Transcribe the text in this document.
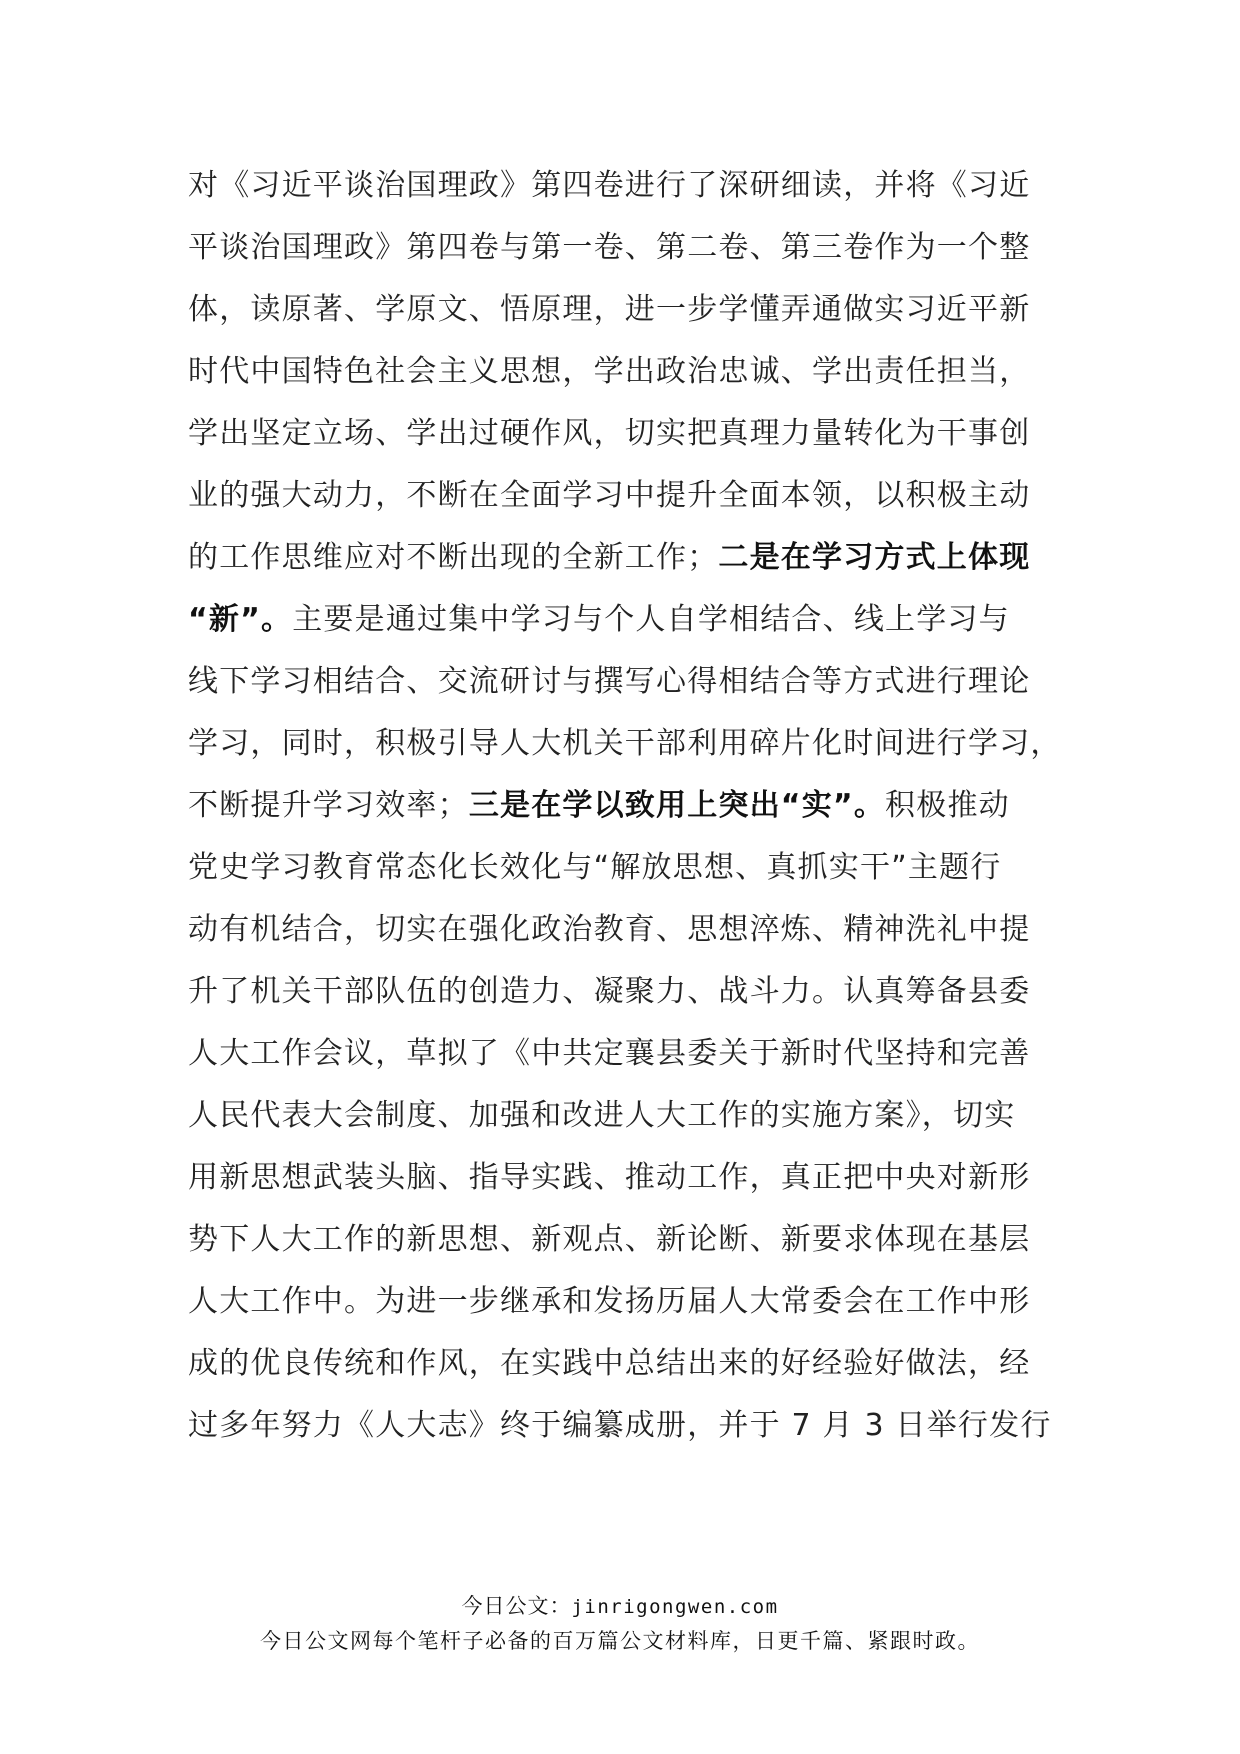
对《习近平谈治国理政》第四卷进行了深研细读，并将《习近
平谈治国理政》第四卷与第一卷、第二卷、第三卷作为一个整
体，读原著、学原文、悟原理，进一步学懂弄通做实习近平新
时代中国特色社会主义思想，学出政治忠诚、学出责任担当，
学出坚定立场、学出过硬作风，切实把真理力量转化为干事创
业的强大动力，不断在全面学习中提升全面本领，以积极主动
的工作思维应对不断出现的全新工作；二是在学习方式上体现
“新”。主要是通过集中学习与个人自学相结合、线上学习与
线下学习相结合、交流研讨与撰写心得相结合等方式进行理论
学习，同时，积极引导人大机关干部利用碎片化时间进行学习，
不断提升学习效率；三是在学以致用上突出“实”。积极推动
党史学习教育常态化长效化与“解放思想、真抓实干”主题行
动有机结合，切实在强化政治教育、思想淬炼、精神洗礼中提
升了机关干部队伍的创造力、凝聚力、战斗力。认真筹备县委
人大工作会议，草拟了《中共定襄县委关于新时代坚持和完善
人民代表大会制度、加强和改进人大工作的实施方案》，切实
用新思想武装头脑、指导实践、推动工作，真正把中央对新形
势下人大工作的新思想、新观点、新论断、新要求体现在基层
人大工作中。为进一步继承和发扬历届人大常委会在工作中形
成的优良传统和作风，在实践中总结出来的好经验好做法，经
过多年努力《人大志》终于编纂成册，并于 7 月 3 日举行发行
今日公文：jinrigongwen.com
今日公文网每个笔杆子必备的百万篇公文材料库，日更千篇、紧跟时政。
